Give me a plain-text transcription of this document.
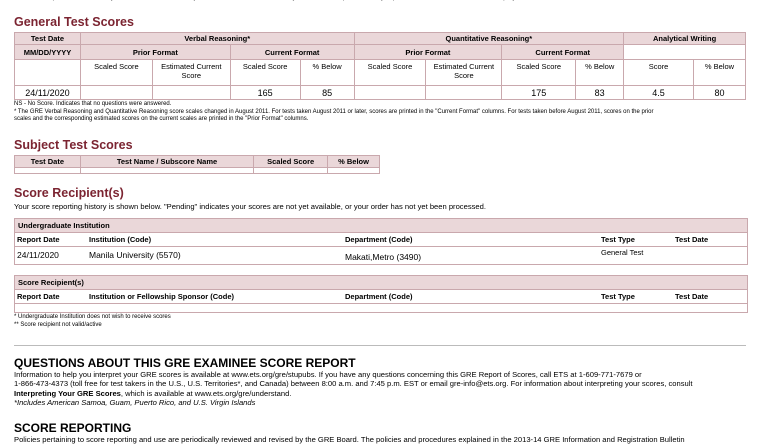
General Test Scores
Test Date	Verbal Reasoning*				Quantitative Reasoning*				Analytical Writing	
MM/DD/YYYY	Prior Format		Current Format		Prior Format		Current Format			
	Scaled Score	Estimated Current Score	Scaled Score	% Below	Scaled Score	Estimated Current Score	Scaled Score	% Below	Score	% Below
24/11/2020			165	85			175	83	4.5	80
NS - No Score. Indicates that no questions were answered.
* The GRE Verbal Reasoning and Quantitative Reasoning score scales changed in August 2011. For tests taken August 2011 or later, scores are printed in the "Current Format" columns. For tests taken before August 2011, scores on the prior
scales and the corresponding estimated scores on the current scales are printed in the "Prior Format" columns.
Subject Test Scores
Test Date	Test Name / Subscore Name	Scaled Score	% Below

Score Recipient(s)
Your score reporting history is shown below. "Pending" indicates your scores are not yet available, or your order has not yet been processed.
Undergraduate Institution
Report Date	Institution (Code)	Department (Code)	Test Type	Test Date
24/11/2020	Manila University (5570)	Makati,Metro (3490)	General Test
Score Recipient(s)
Report Date	Institution or Fellowship Sponsor (Code)	Department (Code)	Test Type	Test Date
* Undergraduate Institution does not wish to receive scores
** Score recipient not valid/active
QUESTIONS ABOUT THIS GRE EXAMINEE SCORE REPORT
Information to help you interpret your GRE scores is available at www.ets.org/gre/stupubs. If you have any questions concerning this GRE Report of Scores, call ETS at 1-609-771-7679 or
1-866-473-4373 (toll free for test takers in the U.S., U.S. Territories*, and Canada) between 8:00 a.m. and 7:45 p.m. EST or email gre-info@ets.org. For information about interpreting your scores, consult
Interpreting Your GRE Scores, which is available at www.ets.org/gre/understand.
*Includes American Samoa, Guam, Puerto Rico, and U.S. Virgin Islands
SCORE REPORTING
Policies pertaining to score reporting and use are periodically reviewed and revised by the GRE Board. The policies and procedures explained in the 2013-14 GRE Information and Registration Bulletin
